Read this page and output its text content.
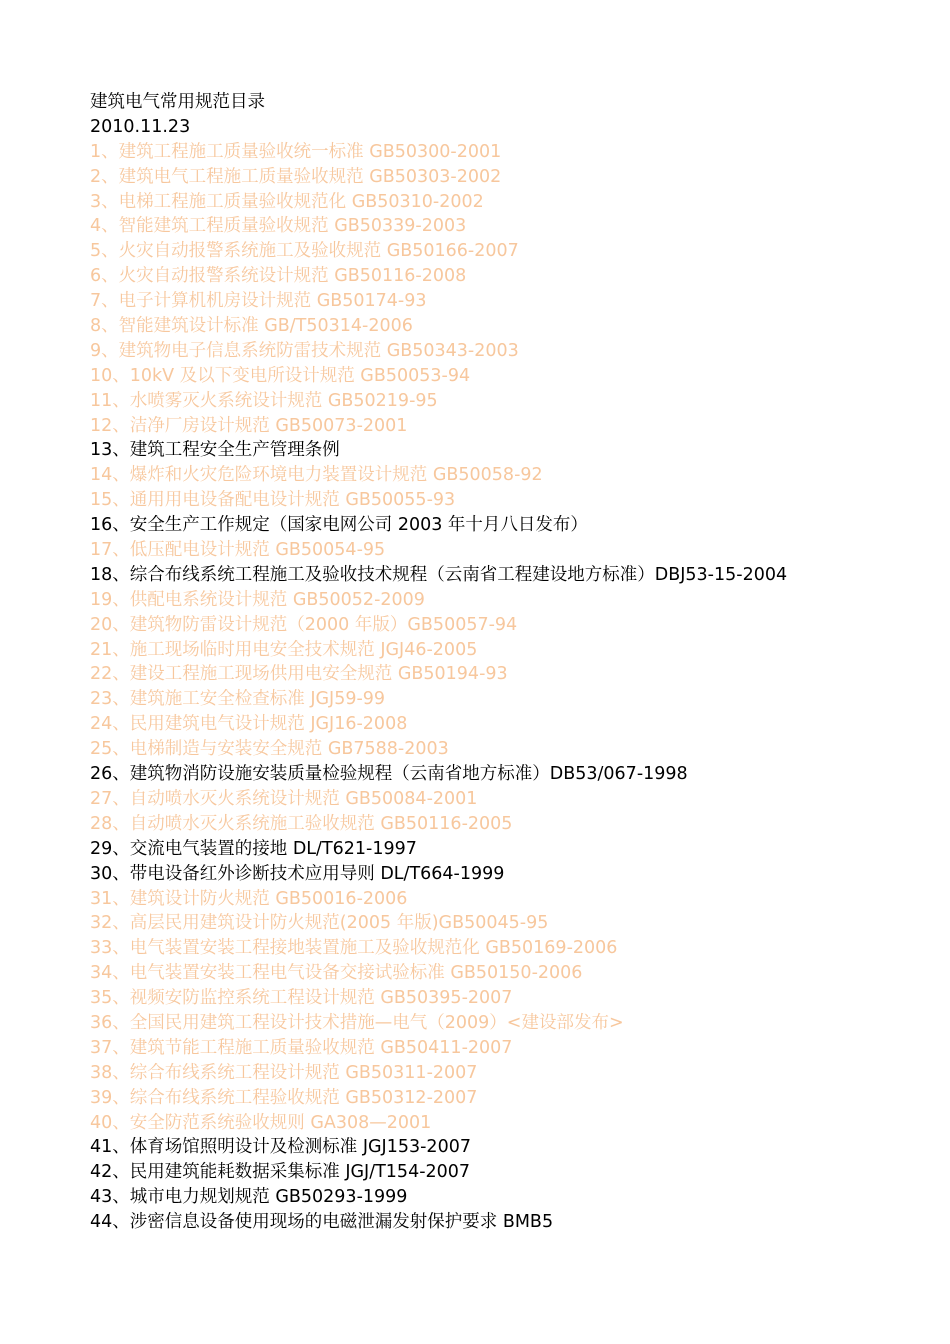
建筑电气常用规范目录
2010.11.23
1、建筑工程施工质量验收统一标准 GB50300-2001
2、建筑电气工程施工质量验收规范 GB50303-2002
3、电梯工程施工质量验收规范化 GB50310-2002
4、智能建筑工程质量验收规范 GB50339-2003
5、火灾自动报警系统施工及验收规范 GB50166-2007
6、火灾自动报警系统设计规范 GB50116-2008
7、电子计算机机房设计规范 GB50174-93
8、智能建筑设计标准 GB/T50314-2006
9、建筑物电子信息系统防雷技术规范 GB50343-2003
10、10kV 及以下变电所设计规范 GB50053-94
11、水喷雾灭火系统设计规范 GB50219-95
12、洁净厂房设计规范 GB50073-2001
13、建筑工程安全生产管理条例
14、爆炸和火灾危险环境电力装置设计规范 GB50058-92
15、通用用电设备配电设计规范 GB50055-93
16、安全生产工作规定（国家电网公司 2003 年十月八日发布）
17、低压配电设计规范 GB50054-95
18、综合布线系统工程施工及验收技术规程（云南省工程建设地方标准）DBJ53-15-2004
19、供配电系统设计规范 GB50052-2009
20、建筑物防雷设计规范（2000 年版）GB50057-94
21、施工现场临时用电安全技术规范 JGJ46-2005
22、建设工程施工现场供用电安全规范 GB50194-93
23、建筑施工安全检查标准 JGJ59-99
24、民用建筑电气设计规范 JGJ16-2008
25、电梯制造与安装安全规范 GB7588-2003
26、建筑物消防设施安装质量检验规程（云南省地方标准）DB53/067-1998
27、自动喷水灭火系统设计规范 GB50084-2001
28、自动喷水灭火系统施工验收规范 GB50116-2005
29、交流电气装置的接地 DL/T621-1997
30、带电设备红外诊断技术应用导则 DL/T664-1999
31、建筑设计防火规范 GB50016-2006
32、高层民用建筑设计防火规范(2005 年版)GB50045-95
33、电气装置安装工程接地装置施工及验收规范化 GB50169-2006
34、电气装置安装工程电气设备交接试验标准 GB50150-2006
35、视频安防监控系统工程设计规范 GB50395-2007
36、全国民用建筑工程设计技术措施—电气（2009）<建设部发布>
37、建筑节能工程施工质量验收规范 GB50411-2007
38、综合布线系统工程设计规范 GB50311-2007
39、综合布线系统工程验收规范 GB50312-2007
40、安全防范系统验收规则 GA308—2001
41、体育场馆照明设计及检测标准 JGJ153-2007
42、民用建筑能耗数据采集标准 JGJ/T154-2007
43、城市电力规划规范 GB50293-1999
44、涉密信息设备使用现场的电磁泄漏发射保护要求 BMB5
